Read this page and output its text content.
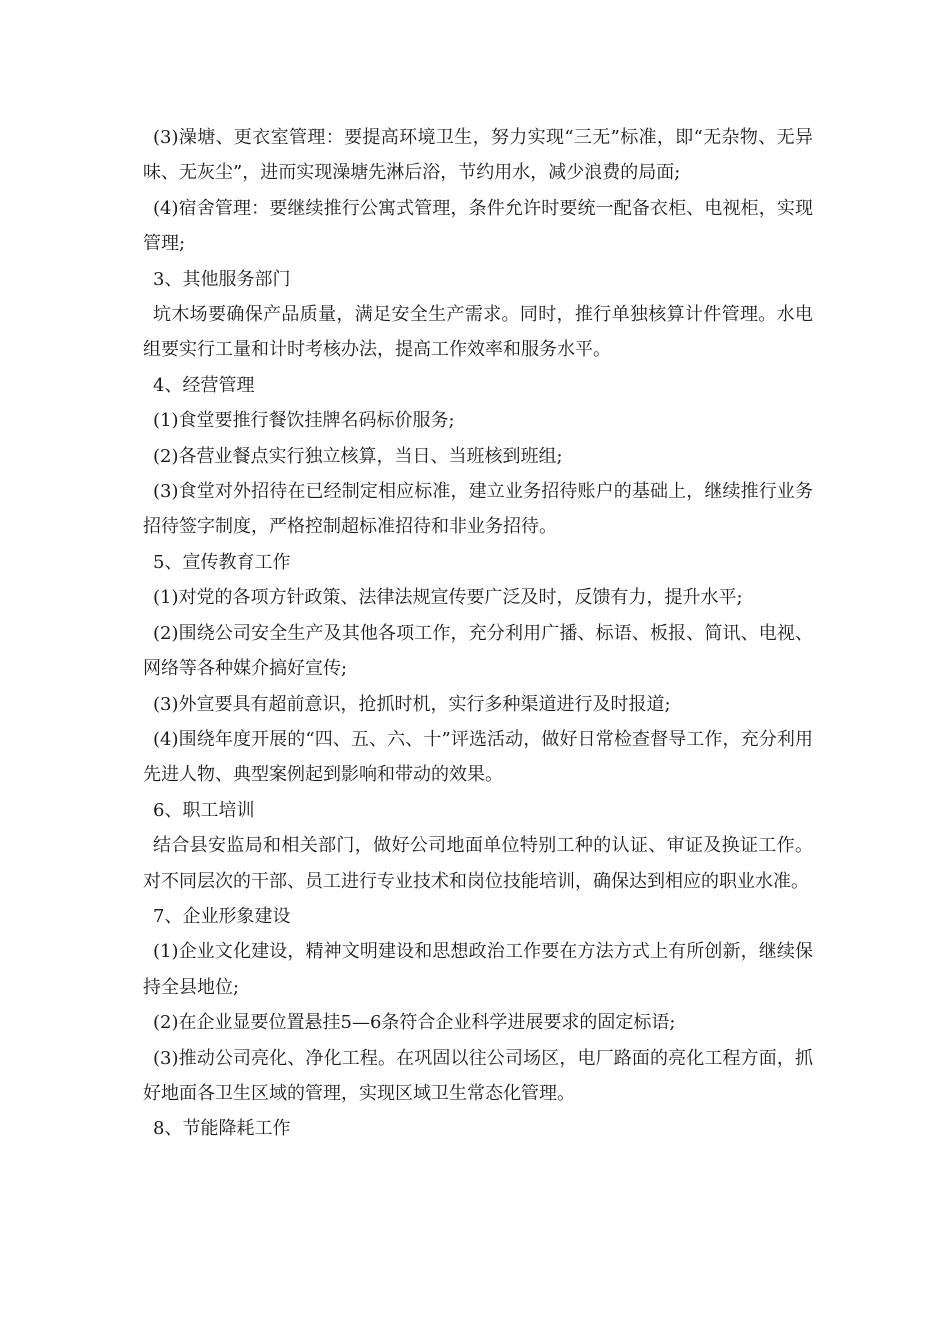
(3)澡塘、更衣室管理：要提高环境卫生，努力实现“三无”标准，即“无杂物、无异味、无灰尘”，进而实现澡塘先淋后浴，节约用水，减少浪费的局面;

(4)宿舍管理：要继续推行公寓式管理，条件允许时要统一配备衣柜、电视柜，实现管理;

3、其他服务部门

坑木场要确保产品质量，满足安全生产需求。同时，推行单独核算计件管理。水电组要实行工量和计时考核办法，提高工作效率和服务水平。

4、经营管理

(1)食堂要推行餐饮挂牌名码标价服务;

(2)各营业餐点实行独立核算，当日、当班核到班组;

(3)食堂对外招待在已经制定相应标准，建立业务招待账户的基础上，继续推行业务招待签字制度，严格控制超标准招待和非业务招待。

5、宣传教育工作

(1)对党的各项方针政策、法律法规宣传要广泛及时，反馈有力，提升水平;

(2)围绕公司安全生产及其他各项工作，充分利用广播、标语、板报、简讯、电视、网络等各种媒介搞好宣传;

(3)外宣要具有超前意识，抢抓时机，实行多种渠道进行及时报道;

(4)围绕年度开展的“四、五、六、十”评选活动，做好日常检查督导工作，充分利用先进人物、典型案例起到影响和带动的效果。

6、职工培训

结合县安监局和相关部门，做好公司地面单位特别工种的认证、审证及换证工作。对不同层次的干部、员工进行专业技术和岗位技能培训，确保达到相应的职业水准。

7、企业形象建设

(1)企业文化建设，精神文明建设和思想政治工作要在方法方式上有所创新，继续保持全县地位;

(2)在企业显要位置悬挂5—6条符合企业科学进展要求的固定标语;

(3)推动公司亮化、净化工程。在巩固以往公司场区，电厂路面的亮化工程方面，抓好地面各卫生区域的管理，实现区域卫生常态化管理。

8、节能降耗工作
